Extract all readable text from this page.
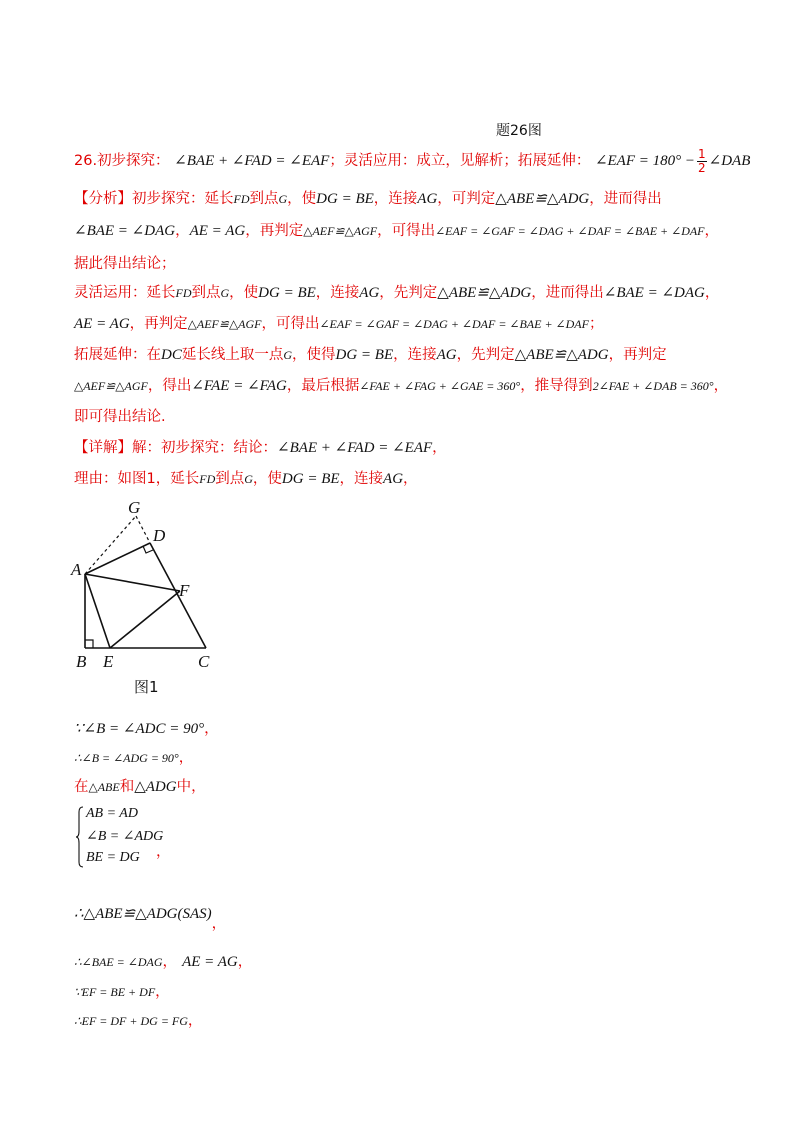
题26图
26.初步探究： ∠BAE + ∠FAD = ∠EAF；灵活应用：成立，见解析；拓展延伸： ∠EAF = $180^\circ - \frac{1}{2}$ ∠DAB
【分析】初步探究：延长FD到点G，使DG = BE，连接AG，可判定△ABE≌△ADG，进而得出
∠BAE = ∠DAG，AE = AG，再判定△AEF≌△AGF，可得出∠EAF = ∠GAF = ∠DAG + ∠DAF = ∠BAE + ∠DAF，
据此得出结论；
灵活运用：延长FD到点G，使DG = BE，连接AG，先判定△ABE≌△ADG，进而得出∠BAE = ∠DAG，
AE = AG，再判定△AEF≌△AGF，可得出∠EAF = ∠GAF = ∠DAG + ∠DAF = ∠BAE + ∠DAF；
拓展延伸：在DC延长线上取一点G，使得DG = BE，连接AG，先判定△ABE≌△ADG，再判定
△AEF≌△AGF，得出∠FAE = ∠FAG，最后根据∠FAE + ∠FAG + ∠GAE = 360°，推导得到2∠FAE + ∠DAB = 360°，
即可得出结论.
【详解】解：初步探究：结论：∠BAE + ∠FAD = ∠EAF，
理由：如图1，延长FD到点G，使DG = BE，连接AG，
G
D
A
F
B E	C
图1
∵∠B = ∠ADC = 90°，
∴∠B = ∠ADG = 90°，
在△ABE和△ADG中，
AB = AD
∠B = ∠ADG
BE = DG ，
∴△ABE≌△ADG(SAS)，
∴∠BAE = ∠DAG， AE = AG，
∵EF = BE + DF，
∴EF = DF + DG = FG，
